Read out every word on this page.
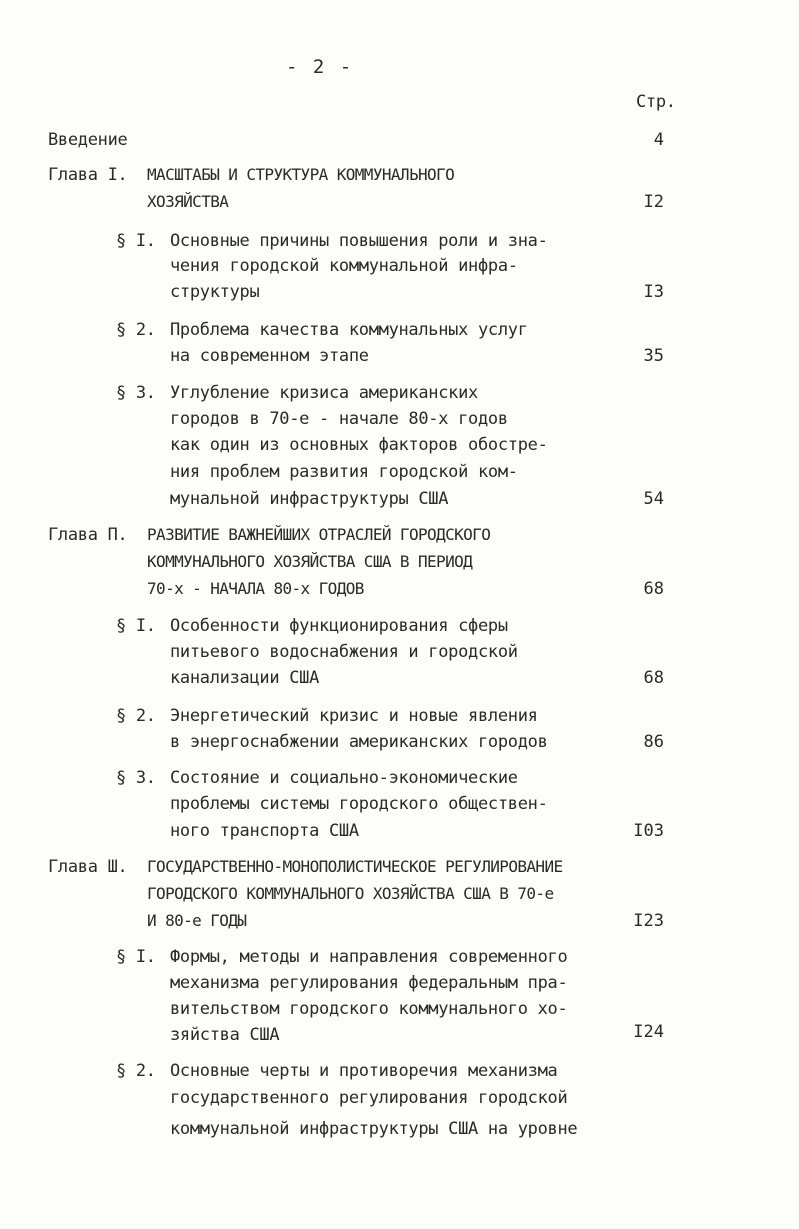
- 2 -
Стр.
Введение	4
Глава I. МАСШТАБЫ И СТРУКТУРА КОММУНАЛЬНОГО
ХОЗЯЙСТВА	I2
§ I. Основные причины повышения роли и зна-
чения городской коммунальной инфра-
структуры	I3
§ 2. Проблема качества коммунальных услуг
на современном этапе	35
§ 3. Углубление кризиса американских
городов в 70-е - начале 80-х годов
как один из основных факторов обостре-
ния проблем развития городской ком-
мунальной инфраструктуры США	54
Глава П. РАЗВИТИЕ ВАЖНЕЙШИХ ОТРАСЛЕЙ ГОРОДСКОГО
КОММУНАЛЬНОГО ХОЗЯЙСТВА США В ПЕРИОД
70-х - НАЧАЛА 80-х ГОДОВ	68
§ I. Особенности функционирования сферы
питьевого водоснабжения и городской
канализации США	68
§ 2. Энергетический кризис и новые явления
в энергоснабжении американских городов	86
§ 3. Состояние и социально-экономические
проблемы системы городского обществен-
ного транспорта США	I03
Глава Ш. ГОСУДАРСТВЕННО-МОНОПОЛИСТИЧЕСКОЕ РЕГУЛИРОВАНИЕ
ГОРОДСКОГО КОММУНАЛЬНОГО ХОЗЯЙСТВА США В 70-е
И 80-е ГОДЫ	I23
§ I. Формы, методы и направления современного
механизма регулирования федеральным пра-
вительством городского коммунального хо-
зяйства США	I24
§ 2. Основные черты и противоречия механизма
государственного регулирования городской
коммунальной инфраструктуры США на уровне
